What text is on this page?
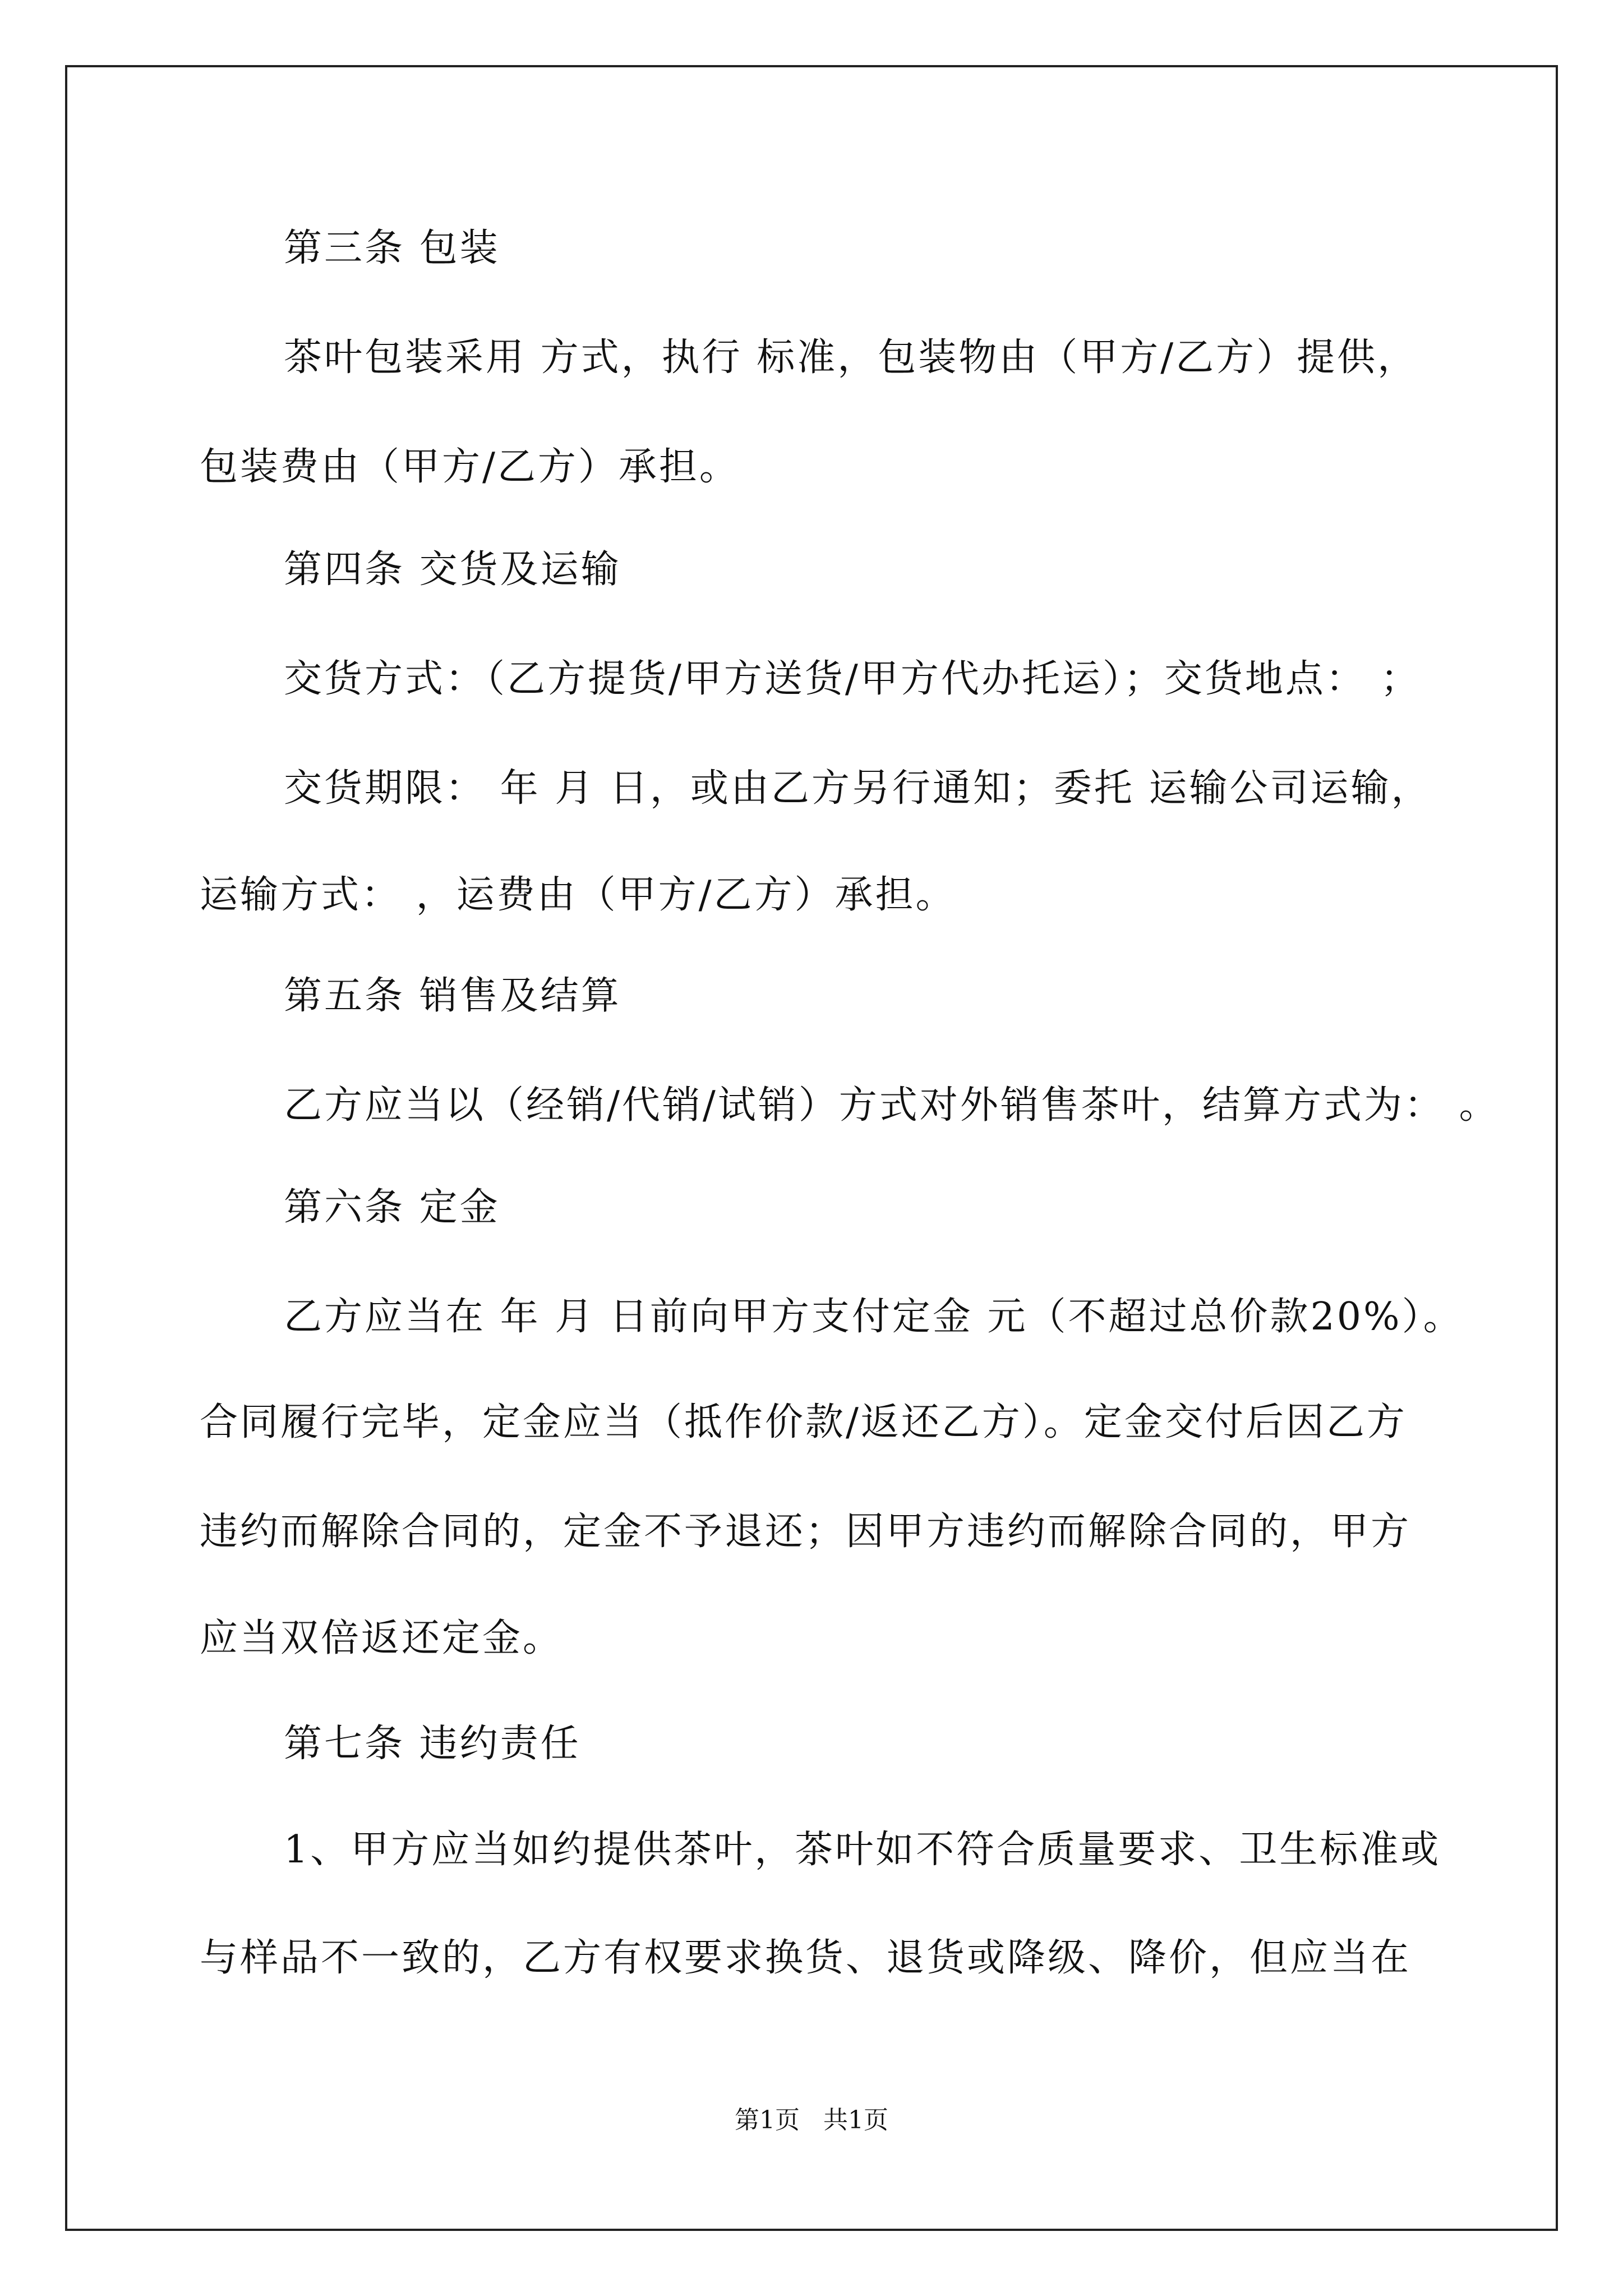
第三条 包装
茶叶包装采用 方式，执行 标准，包装物由（甲方/乙方）提供，
包装费由（甲方/乙方）承担。
第四条 交货及运输
交货方式：（乙方提货/甲方送货/甲方代办托运）；交货地点： ；
交货期限： 年 月 日，或由乙方另行通知；委托 运输公司运输，
运输方式： ，运费由（甲方/乙方）承担。
第五条 销售及结算
乙方应当以（经销/代销/试销）方式对外销售茶叶，结算方式为： 。
第六条 定金
乙方应当在 年 月 日前向甲方支付定金 元（不超过总价款20%）。
合同履行完毕，定金应当（抵作价款/返还乙方）。定金交付后因乙方
违约而解除合同的，定金不予退还；因甲方违约而解除合同的，甲方
应当双倍返还定金。
第七条 违约责任
1、甲方应当如约提供茶叶，茶叶如不符合质量要求、卫生标准或
与样品不一致的，乙方有权要求换货、退货或降级、降价，但应当在
第1页   共1页
